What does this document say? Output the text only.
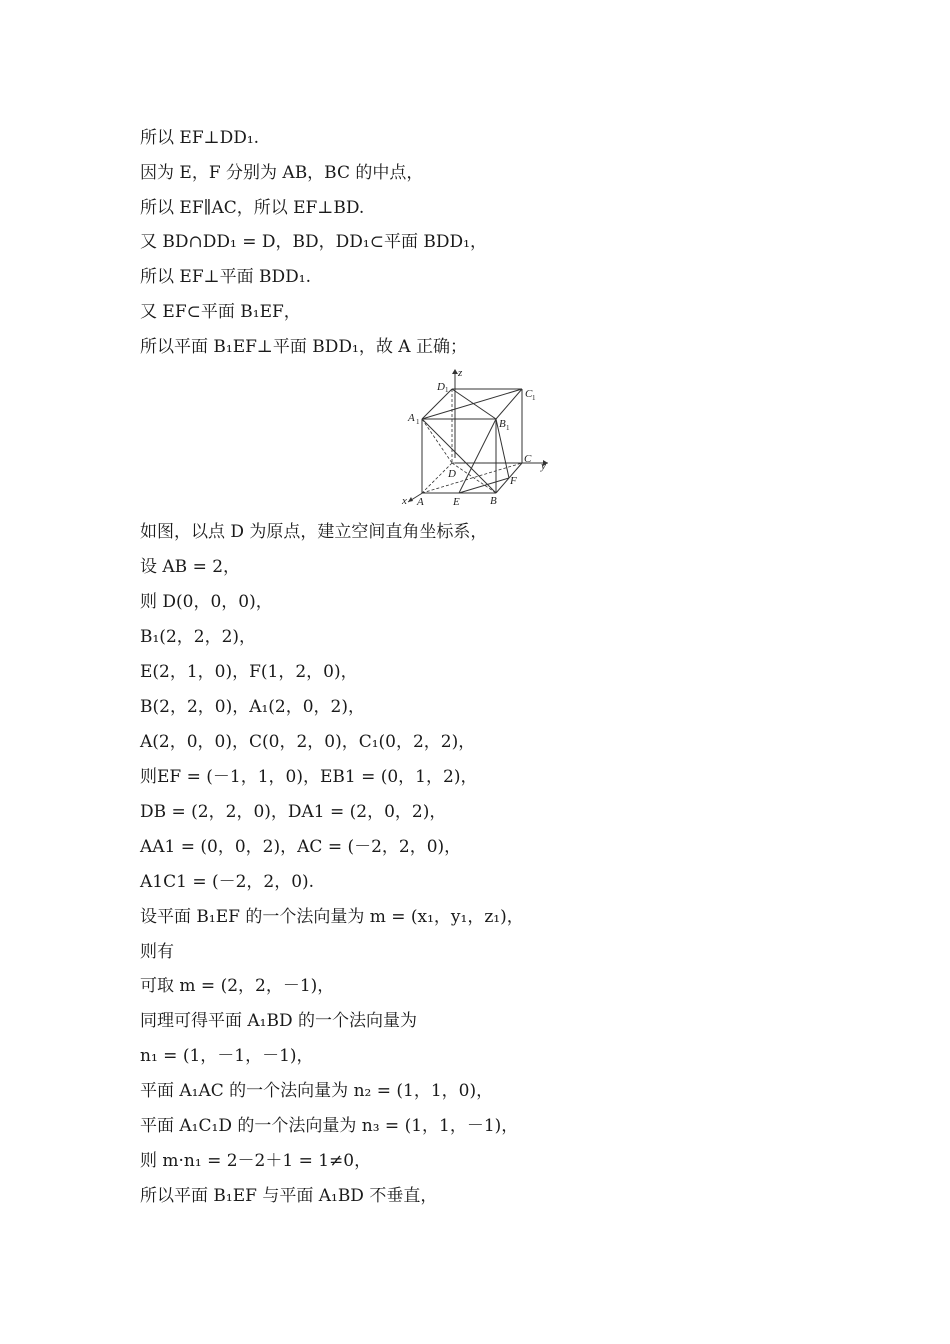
所以 EF⊥DD₁.
因为 E，F 分别为 AB，BC 的中点，
所以 EF∥AC，所以 EF⊥BD.
又 BD∩DD₁ = D，BD，DD₁⊂平面 BDD₁，
所以 EF⊥平面 BDD₁.
又 EF⊂平面 B₁EF，
所以平面 B₁EF⊥平面 BDD₁，故 A 正确；
z
y
x
D 1	C 1
A 1	B 1
C
D
A	E	B
F
如图，以点 D 为原点，建立空间直角坐标系，
设 AB = 2，
则 D(0，0，0)，
B₁(2，2，2)，
E(2，1，0)，F(1，2，0)，
B(2，2，0)，A₁(2，0，2)，
A(2，0，0)，C(0，2，0)，C₁(0，2，2)，
则EF = (－1，1，0)，EB1 = (0，1，2)，
DB = (2，2，0)，DA1 = (2，0，2)，
AA1 = (0，0，2)，AC = (－2，2，0)，
A1C1 = (－2，2，0).
设平面 B₁EF 的一个法向量为 m = (x₁，y₁，z₁)，
则有
可取 m = (2，2，－1)，
同理可得平面 A₁BD 的一个法向量为
n₁ = (1，－1，－1)，
平面 A₁AC 的一个法向量为 n₂ = (1，1，0)，
平面 A₁C₁D 的一个法向量为 n₃ = (1，1，－1)，
则 m·n₁ = 2－2＋1 = 1≠0，
所以平面 B₁EF 与平面 A₁BD 不垂直，
